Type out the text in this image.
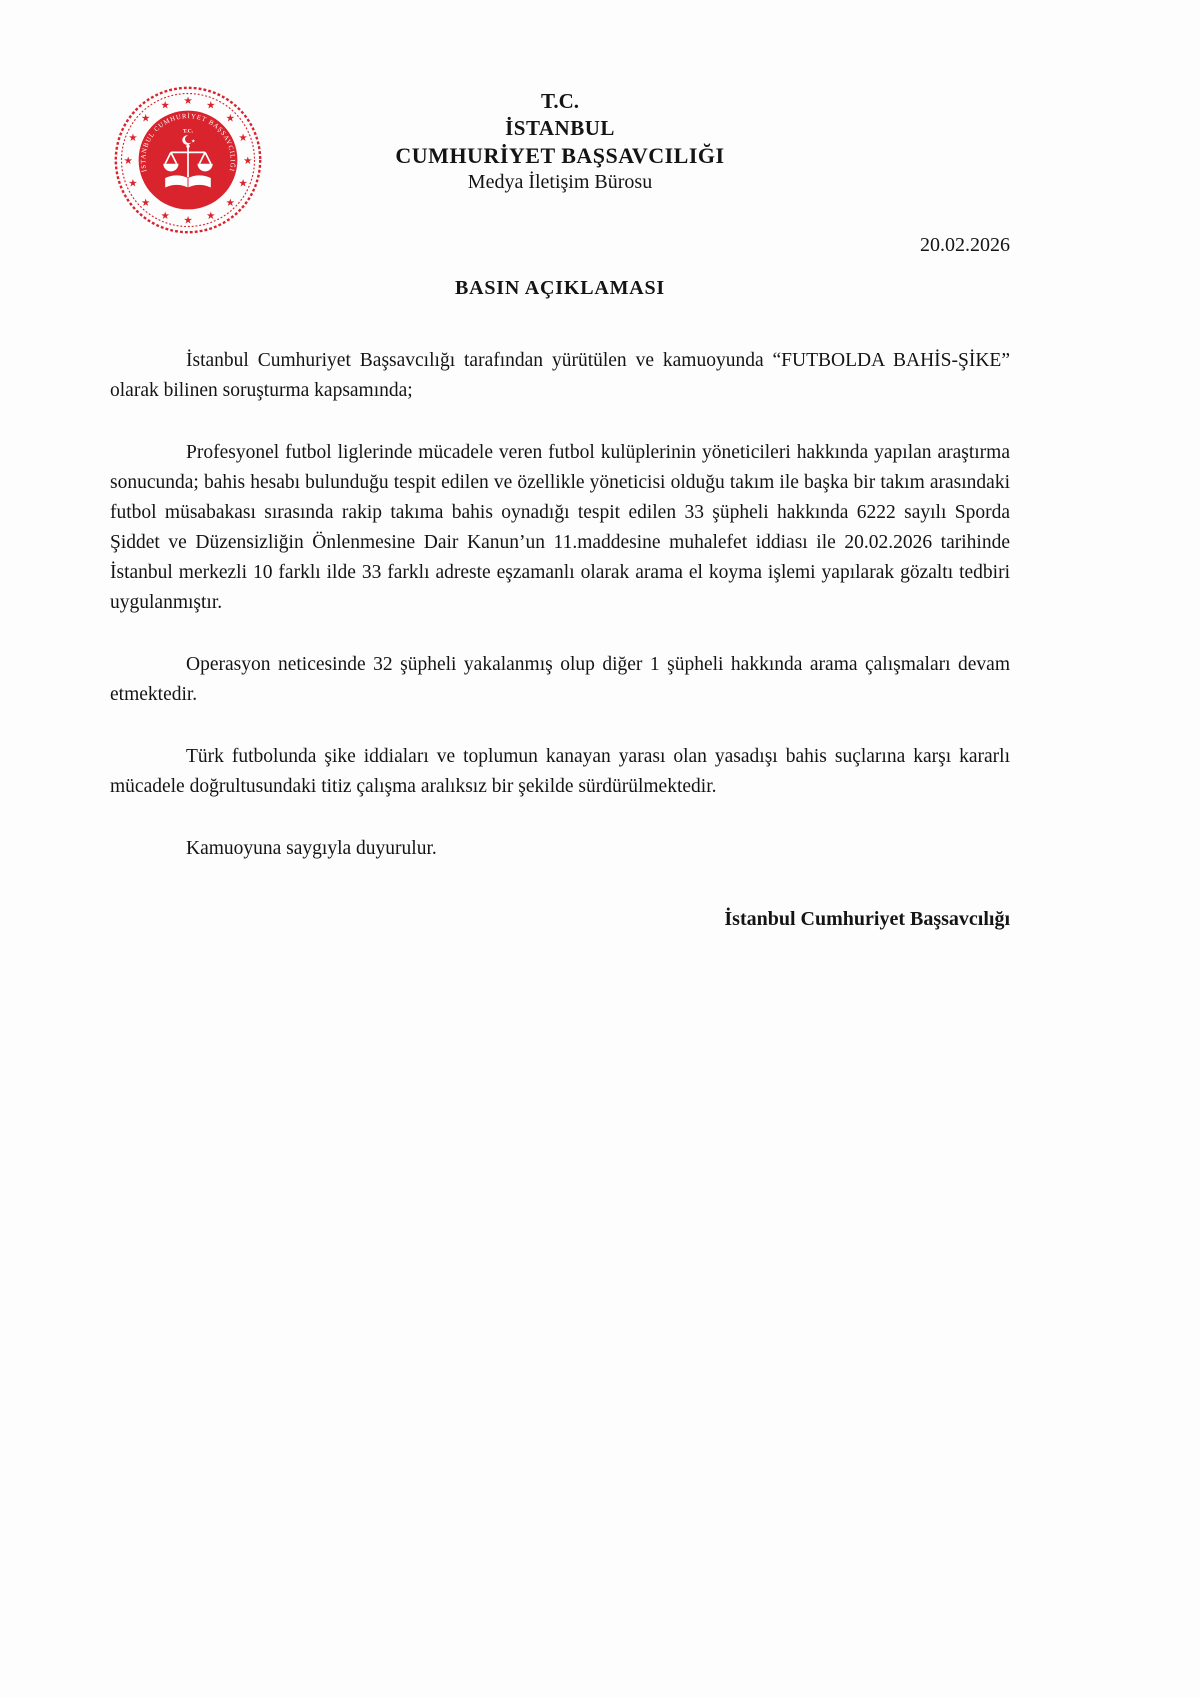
★
★
★
★
★
★
★
★
★
★
★
★ ★ ★
★
★
İSTANBUL CUMHURİYET BAŞSAVCILIĞI
T.C.
★
T.C.
İSTANBUL
CUMHURİYET BAŞSAVCILIĞI
Medya İletişim Bürosu
20.02.2026
BASIN AÇIKLAMASI

İstanbul Cumhuriyet Başsavcılığı tarafından yürütülen ve kamuoyunda “FUTBOLDA BAHİS-ŞİKE” olarak bilinen soruşturma kapsamında;

Profesyonel futbol liglerinde mücadele veren futbol kulüplerinin yöneticileri hakkında yapılan araştırma sonucunda; bahis hesabı bulunduğu tespit edilen ve özellikle yöneticisi olduğu takım ile başka bir takım arasındaki futbol müsabakası sırasında rakip takıma bahis oynadığı tespit edilen 33 şüpheli hakkında 6222 sayılı Sporda Şiddet ve Düzensizliğin Önlenmesine Dair Kanun’un 11.maddesine muhalefet iddiası ile 20.02.2026 tarihinde İstanbul merkezli 10 farklı ilde 33 farklı adreste eşzamanlı olarak arama el koyma işlemi yapılarak gözaltı tedbiri uygulanmıştır.

Operasyon neticesinde 32 şüpheli yakalanmış olup diğer 1 şüpheli hakkında arama çalışmaları devam etmektedir.

Türk futbolunda şike iddiaları ve toplumun kanayan yarası olan yasadışı bahis suçlarına karşı kararlı mücadele doğrultusundaki titiz çalışma aralıksız bir şekilde sürdürülmektedir.

Kamuoyuna saygıyla duyurulur.

İstanbul Cumhuriyet Başsavcılığı
